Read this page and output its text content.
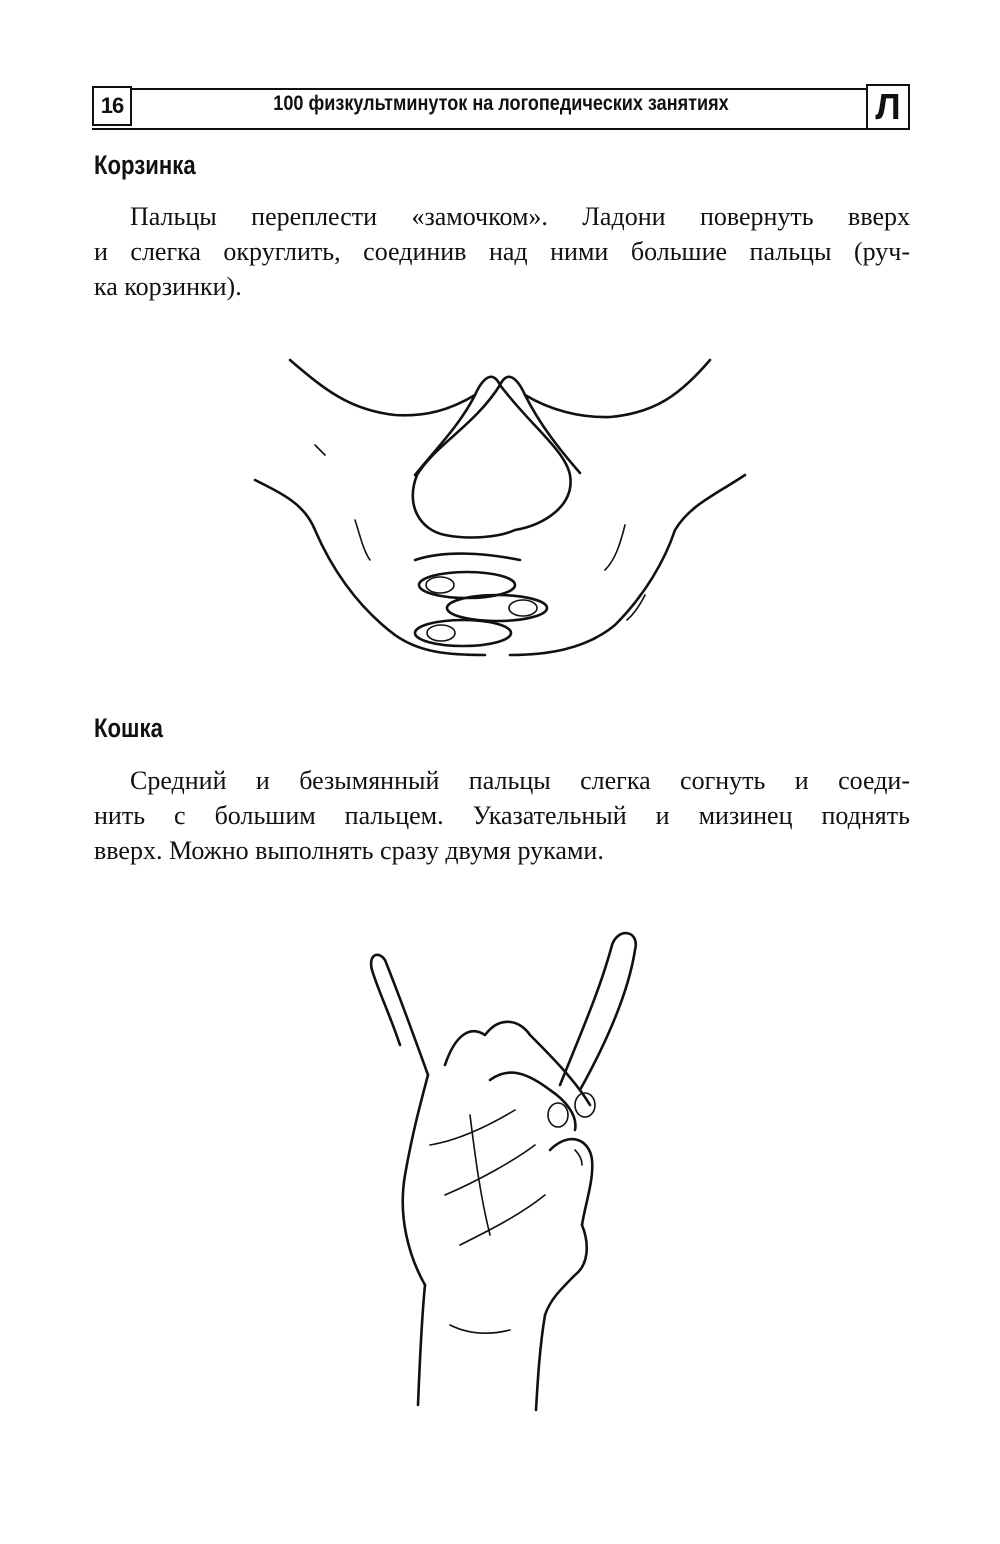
16	100 физкультминуток на логопедических занятиях	Л
Корзинка

Пальцы переплести «замочком». Ладони повернуть вверх
и слегка округлить, соединив над ними большие пальцы (руч-
ка корзинки).

Кошка

Средний и безымянный пальцы слегка согнуть и соеди-
нить с большим пальцем. Указательный и мизинец поднять
вверх. Можно выполнять сразу двумя руками.
